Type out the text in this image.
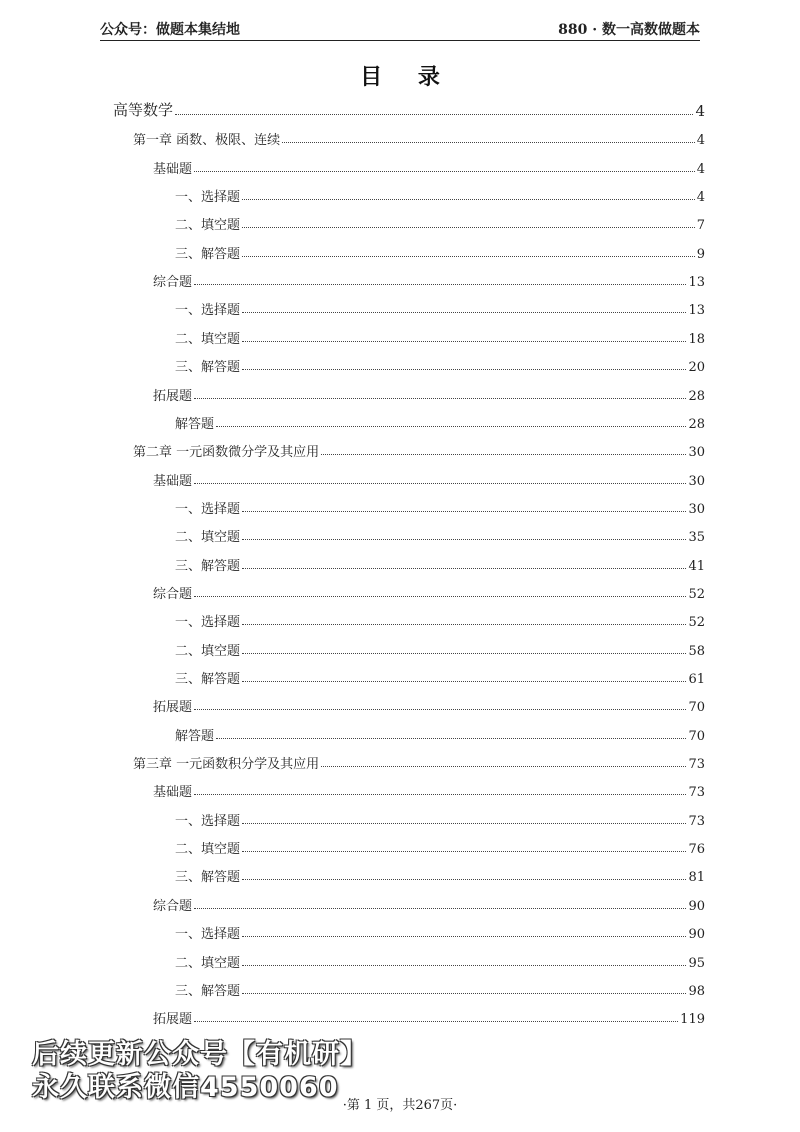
公众号：做题本集结地	880 · 数一高数做题本
目 录
高等数学	4
第一章 函数、极限、连续	4
基础题	4
一、选择题	4
二、填空题	7
三、解答题	9
综合题	13
一、选择题	13
二、填空题	18
三、解答题	20
拓展题	28
解答题	28
第二章 一元函数微分学及其应用	30
基础题	30
一、选择题	30
二、填空题	35
三、解答题	41
综合题	52
一、选择题	52
二、填空题	58
三、解答题	61
拓展题	70
解答题	70
第三章 一元函数积分学及其应用	73
基础题	73
一、选择题	73
二、填空题	76
三、解答题	81
综合题	90
一、选择题	90
二、填空题	95
三、解答题	98
拓展题	119
后续更新公众号【有机研】
永久联系微信4550060
·第 1 页，共267页·
